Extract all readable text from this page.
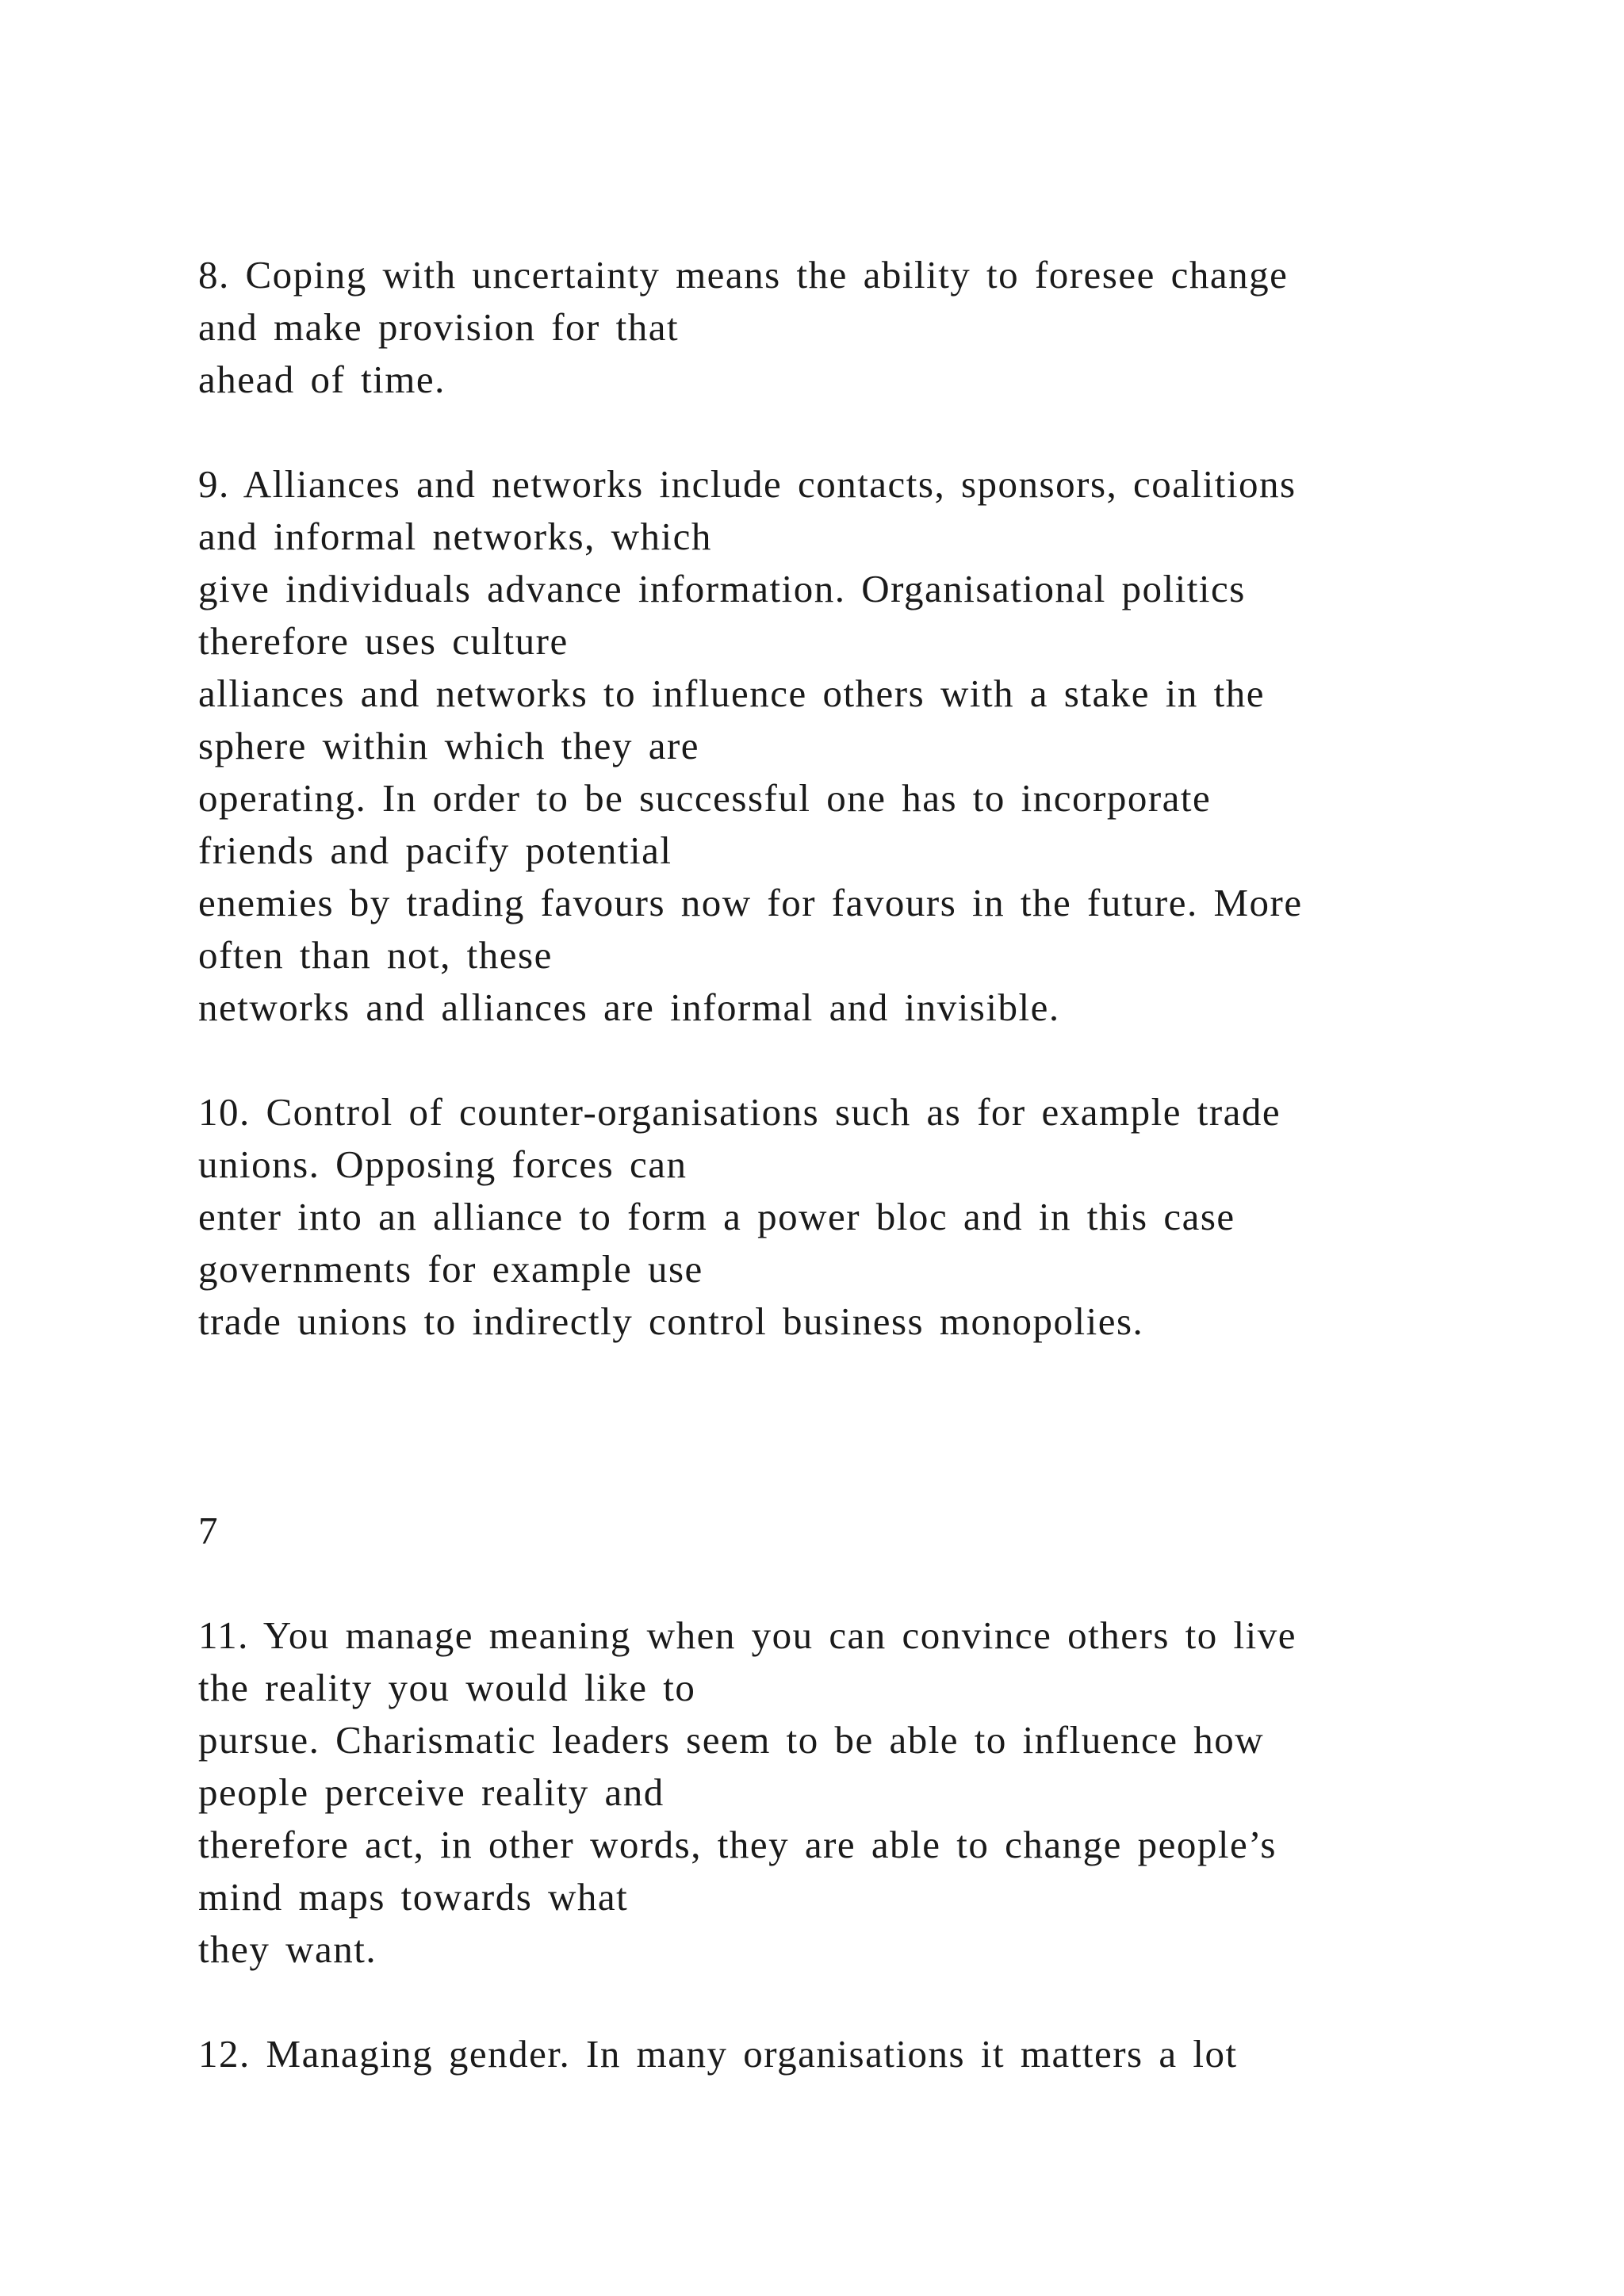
8. Coping with uncertainty means the ability to foresee change
and make provision for that
ahead of time.
9. Alliances and networks include contacts, sponsors, coalitions
and informal networks, which
give individuals advance information. Organisational politics
therefore uses culture
alliances and networks to influence others with a stake in the
sphere within which they are
operating. In order to be successful one has to incorporate
friends and pacify potential
enemies by trading favours now for favours in the future. More
often than not, these
networks and alliances are informal and invisible.
10. Control of counter-organisations such as for example trade
unions. Opposing forces can
enter into an alliance to form a power bloc and in this case
governments for example use
trade unions to indirectly control business monopolies.
7
11. You manage meaning when you can convince others to live
the reality you would like to
pursue. Charismatic leaders seem to be able to influence how
people perceive reality and
therefore act, in other words, they are able to change people’s
mind maps towards what
they want.
12. Managing gender. In many organisations it matters a lot
